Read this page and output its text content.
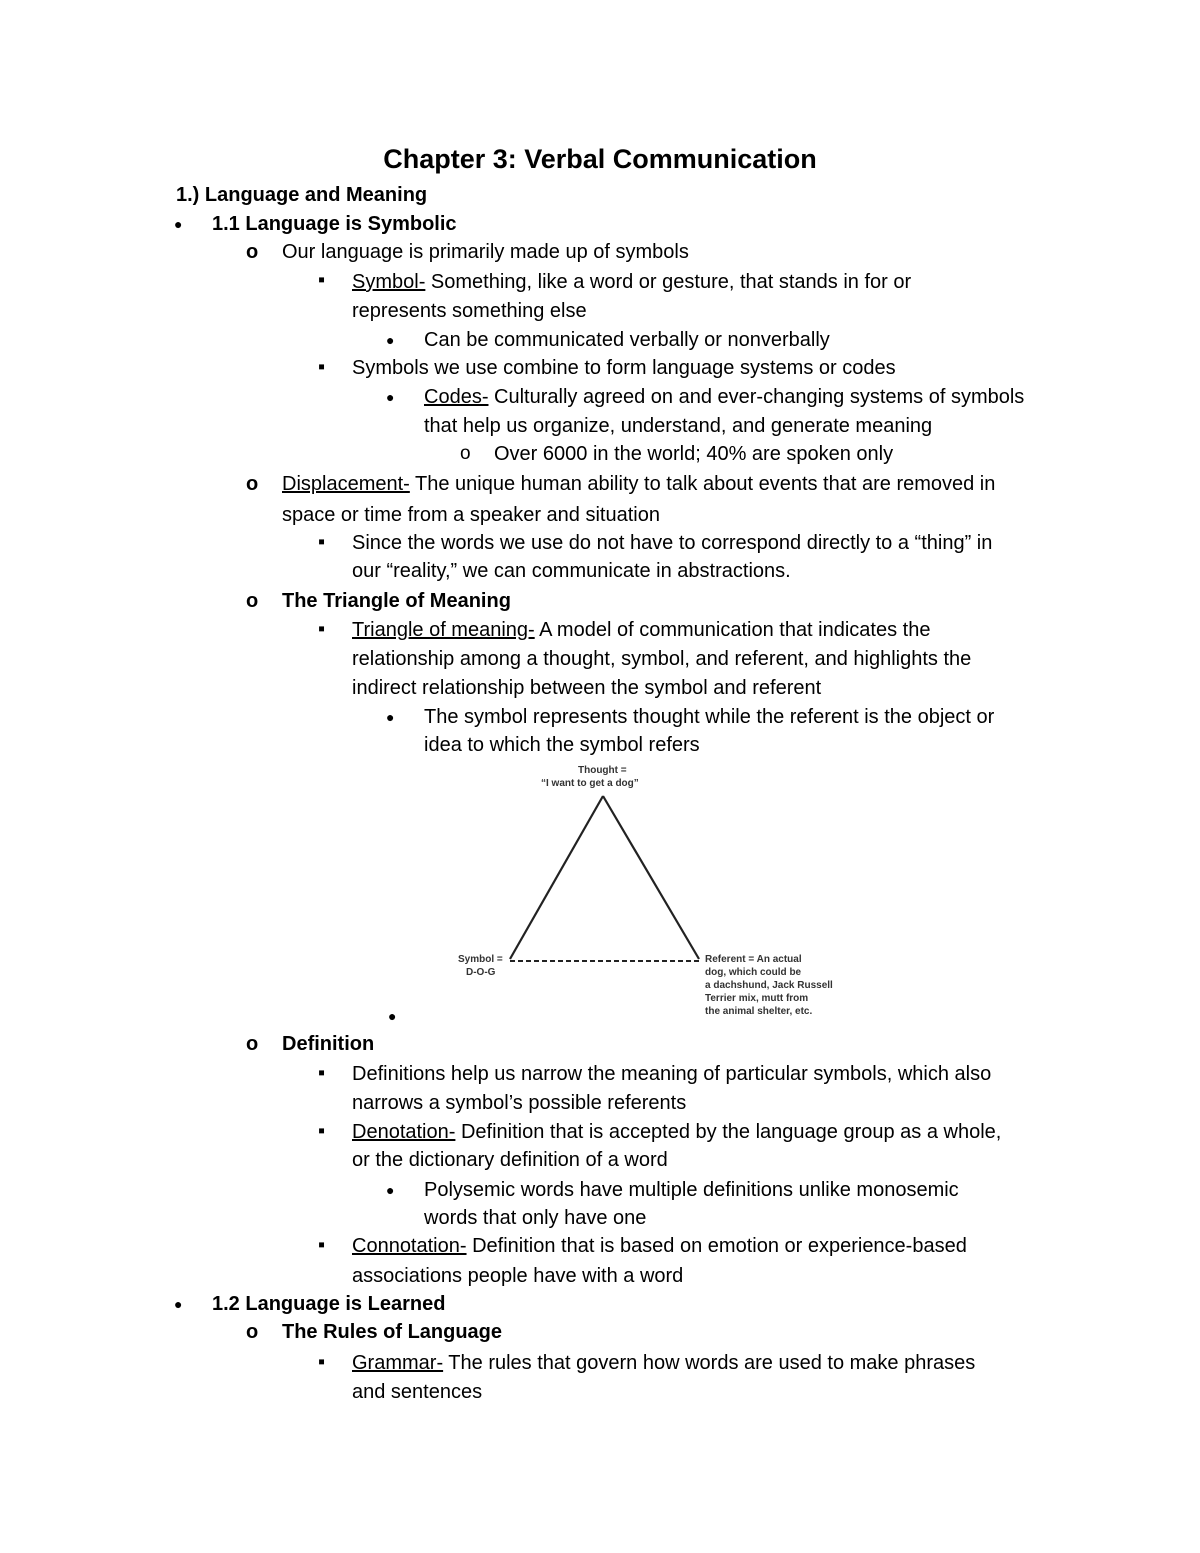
Chapter 3: Verbal Communication
1.) Language and Meaning
●
1.1 Language is Symbolic
o
Our language is primarily made up of symbols
▪
Symbol- Something, like a word or gesture, that stands in for or
represents something else
●
Can be communicated verbally or nonverbally
▪
Symbols we use combine to form language systems or codes
●
Codes- Culturally agreed on and ever-changing systems of symbols
that help us organize, understand, and generate meaning
o
Over 6000 in the world; 40% are spoken only
o
Displacement- The unique human ability to talk about events that are removed in
space or time from a speaker and situation
▪
Since the words we use do not have to correspond directly to a “thing” in
our “reality,” we can communicate in abstractions.
o
The Triangle of Meaning
▪
Triangle of meaning- A model of communication that indicates the
relationship among a thought, symbol, and referent, and highlights the
indirect relationship between the symbol and referent
●
The symbol represents thought while the referent is the object or
idea to which the symbol refers
Thought =
“I want to get a dog”
Symbol =
D-O-G
Referent = An actual
dog, which could be
a dachshund, Jack Russell
Terrier mix, mutt from
the animal shelter, etc.
●
o
Definition
▪
Definitions help us narrow the meaning of particular symbols, which also
narrows a symbol’s possible referents
▪
Denotation- Definition that is accepted by the language group as a whole,
or the dictionary definition of a word
●
Polysemic words have multiple definitions unlike monosemic
words that only have one
▪
Connotation- Definition that is based on emotion or experience-based
associations people have with a word
●
1.2 Language is Learned
o
The Rules of Language
▪
Grammar- The rules that govern how words are used to make phrases
and sentences
